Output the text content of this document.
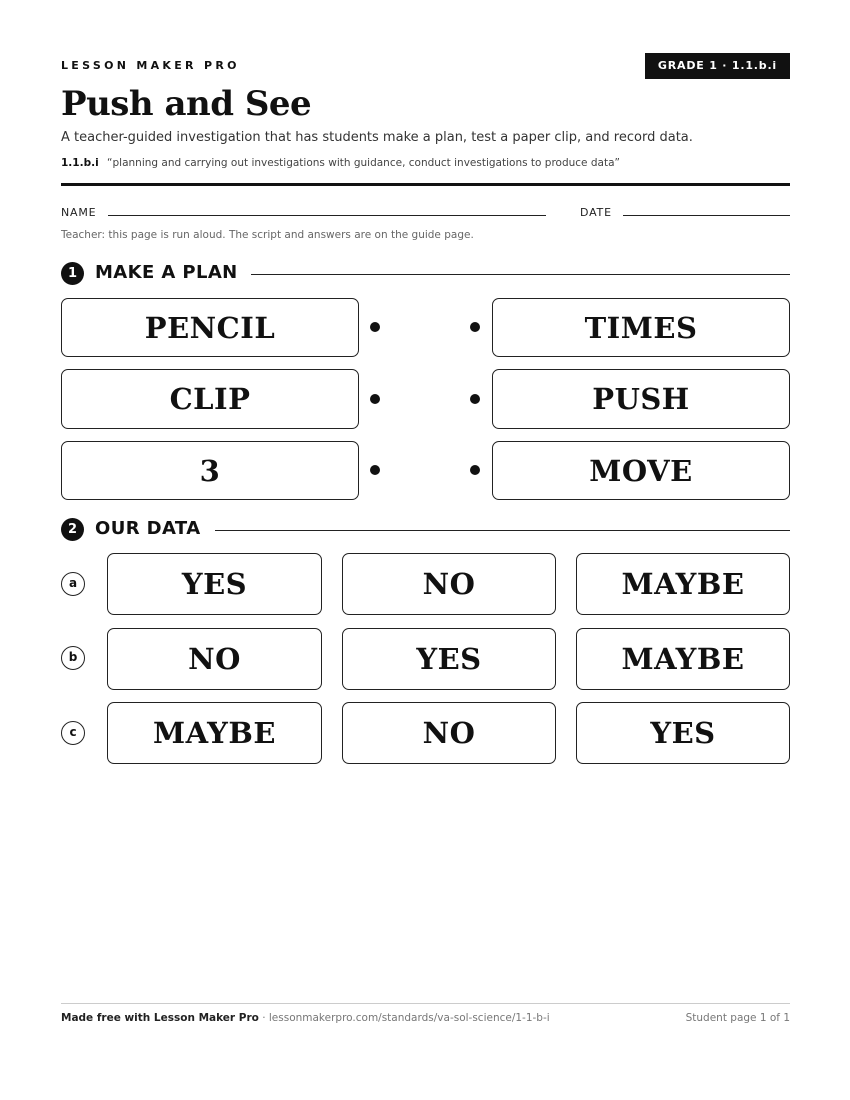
LESSON MAKER PRO	GRADE 1 · 1.1.b.i
Push and See
A teacher-guided investigation that has students make a plan, test a paper clip, and record data.
1.1.b.i “planning and carrying out investigations with guidance, conduct investigations to produce data”
NAME	DATE
Teacher: this page is run aloud. The script and answers are on the guide page.
1 MAKE A PLAN
PENCIL	TIMES
CLIP	PUSH
3	MOVE
2 OUR DATA
a	YES	NO	MAYBE
b	NO	YES	MAYBE
c	MAYBE	NO	YES
Made free with Lesson Maker Pro · lessonmakerpro.com/standards/va-sol-science/1-1-b-i	Student page 1 of 1
